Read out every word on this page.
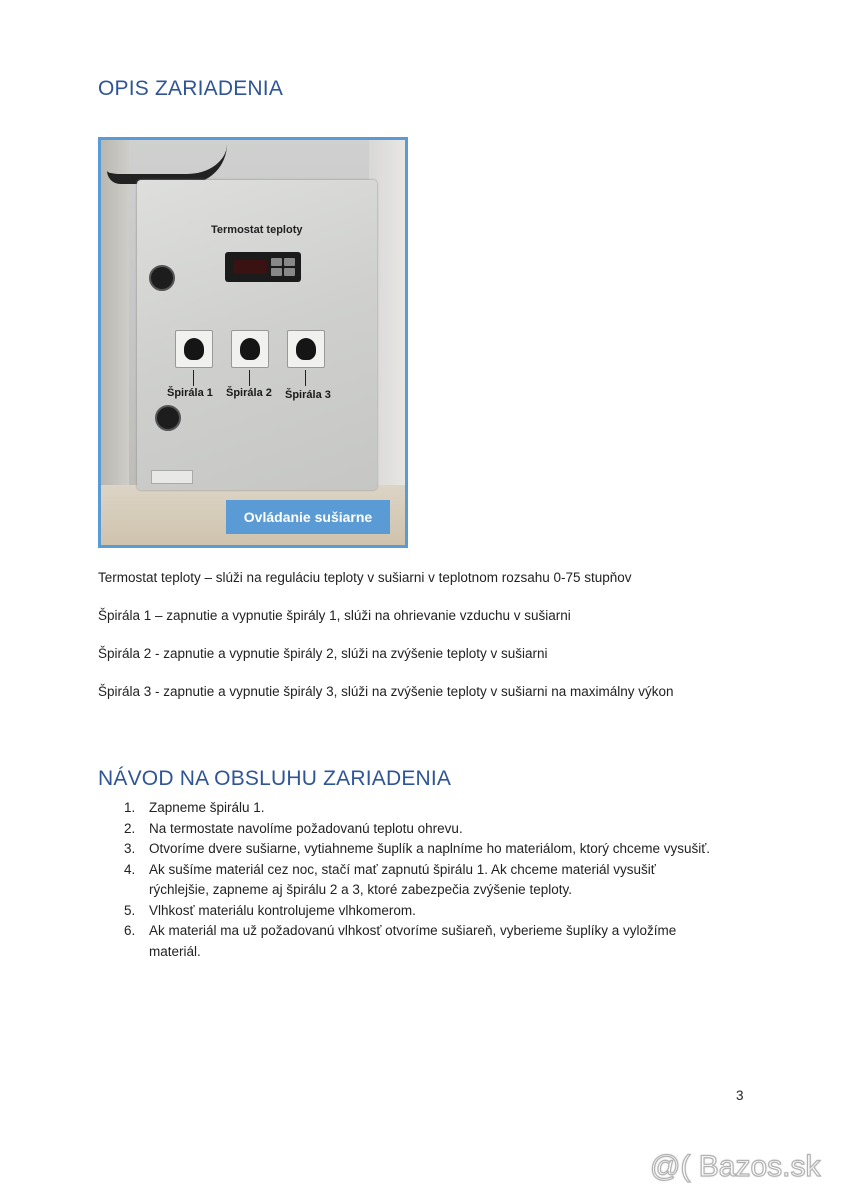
OPIS ZARIADENIA
Termostat teploty
Špirála 1 Špirála 2 Špirála 3
Ovládanie sušiarne

Termostat teploty – slúži na reguláciu teploty v sušiarni v teplotnom rozsahu 0-75 stupňov

Špirála 1 – zapnutie a vypnutie špirály 1, slúži na ohrievanie vzduchu v sušiarni

Špirála 2 - zapnutie a vypnutie špirály 2, slúži na zvýšenie teploty v sušiarni

Špirála 3 - zapnutie a vypnutie špirály 3, slúži na zvýšenie teploty v sušiarni na maximálny výkon

NÁVOD NA OBSLUHU ZARIADENIA
1. Zapneme špirálu 1.
2. Na termostate navolíme požadovanú teplotu ohrevu.
3. Otvoríme dvere sušiarne, vytiahneme šuplík a naplníme ho materiálom, ktorý chceme vysušiť.
4. Ak sušíme materiál cez noc, stačí mať zapnutú špirálu 1. Ak chceme materiál vysušiť rýchlejšie, zapneme aj špirálu 2 a 3, ktoré zabezpečia zvýšenie teploty.
5. Vlhkosť materiálu kontrolujeme vlhkomerom.
6. Ak materiál ma už požadovanú vlhkosť otvoríme sušiareň, vyberieme šuplíky a vyložíme materiál.
3
@( Bazos.sk
